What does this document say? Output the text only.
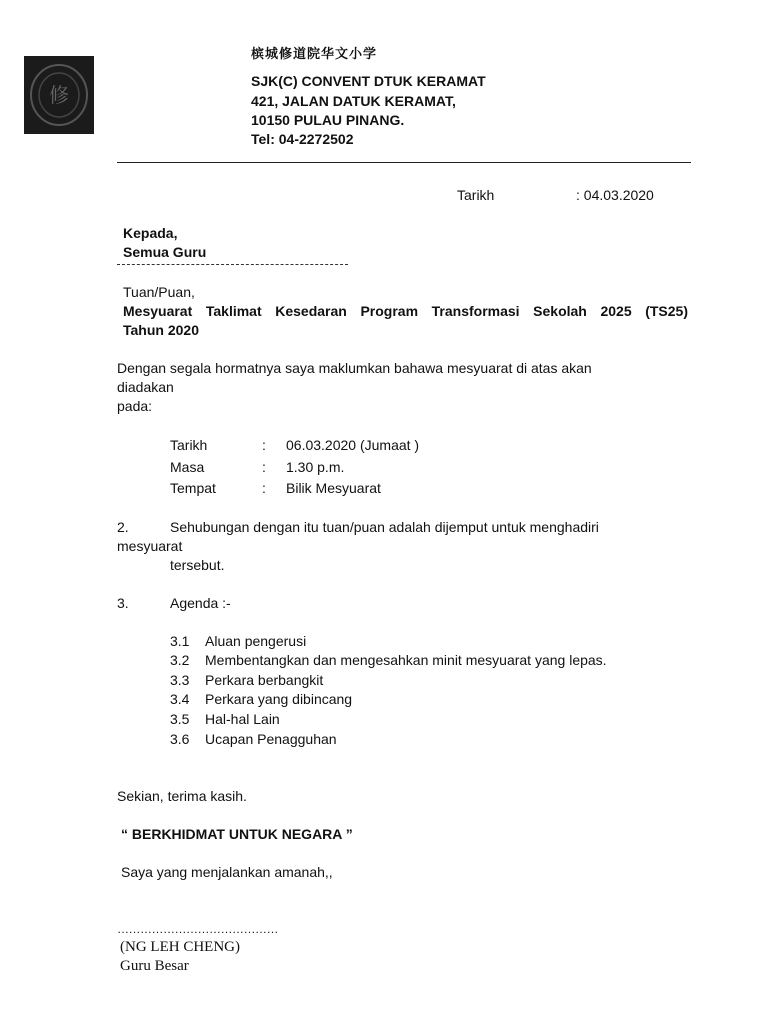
修
槟城修道院华文小学
SJK(C) CONVENT DTUK KERAMAT
421, JALAN DATUK KERAMAT,
10150 PULAU PINANG.
Tel: 04-2272502
Tarikh	: 04.03.2020
Kepada,
Semua Guru
Tuan/Puan,
Mesyuarat Taklimat Kesedaran Program Transformasi Sekolah 2025 (TS25)
Tahun 2020
Dengan segala hormatnya saya maklumkan bahawa mesyuarat di atas akan
diadakan
pada:
Tarikh	: 06.03.2020 (Jumaat )
Masa	: 1.30 p.m.
Tempat	: Bilik Mesyuarat
2.	Sehubungan dengan itu tuan/puan adalah dijemput untuk menghadiri
mesyuarat
tersebut.
3.	Agenda :-
3.1 Aluan pengerusi
3.2 Membentangkan dan mengesahkan minit mesyuarat yang lepas.
3.3 Perkara berbangkit
3.4 Perkara yang dibincang
3.5 Hal-hal Lain
3.6 Ucapan Penagguhan
Sekian, terima kasih.
“ BERKHIDMAT UNTUK NEGARA ”
Saya yang menjalankan amanah,,
……………………………………
(NG LEH CHENG)
Guru Besar
